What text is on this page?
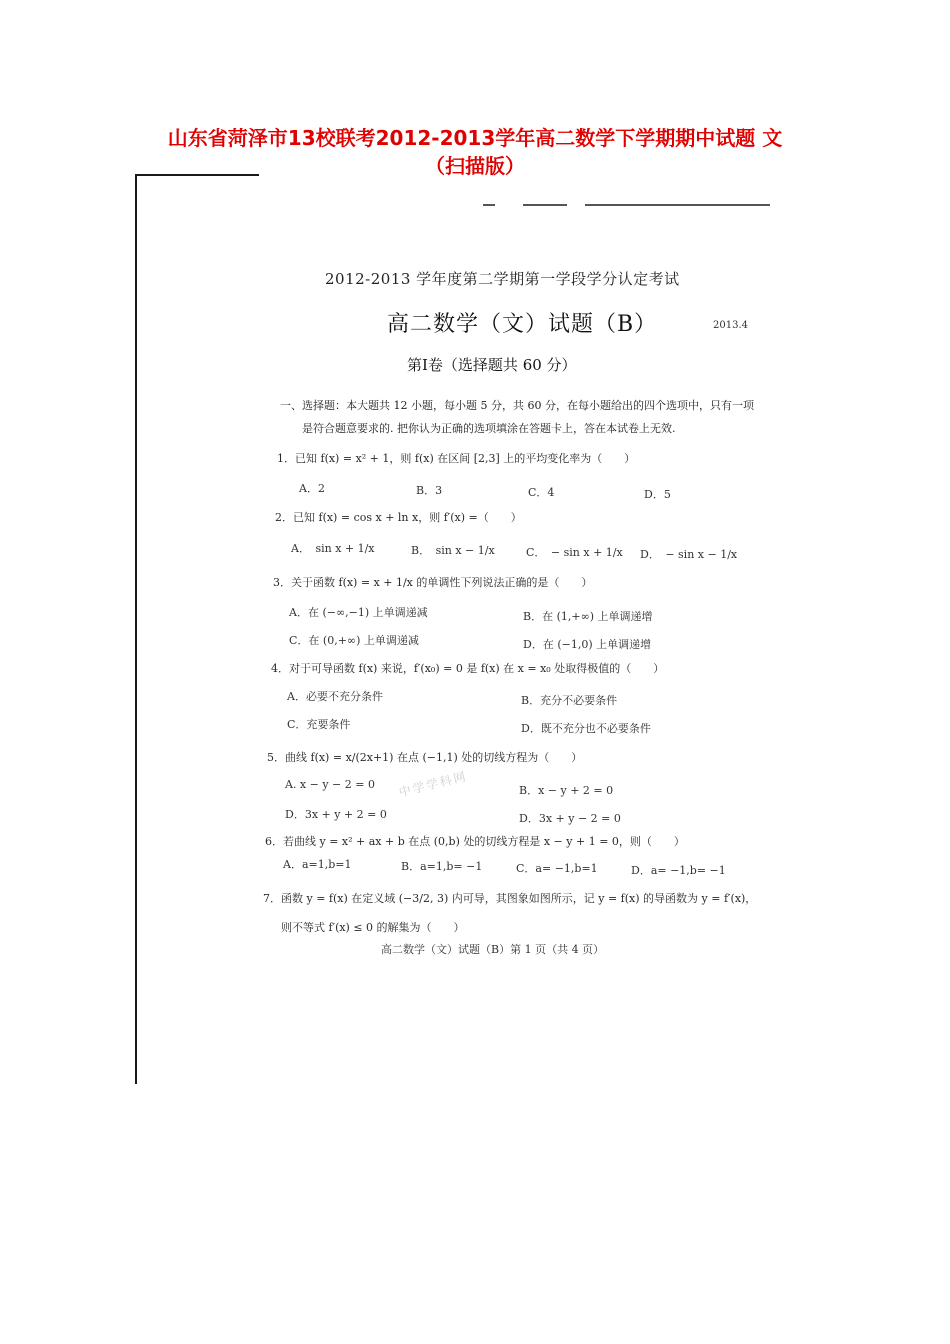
山东省菏泽市13校联考2012-2013学年高二数学下学期期中试题 文
（扫描版）
2012-2013 学年度第二学期第一学段学分认定考试
高二数学（文）试题（B）	2013.4
第Ⅰ卷（选择题共 60 分）
一、选择题：本大题共 12 小题，每小题 5 分，共 60 分，在每小题给出的四个选项中，只有一项
是符合题意要求的. 把你认为正确的选项填涂在答题卡上，答在本试卷上无效.
1．已知 f(x) = x² + 1，则 f(x) 在区间 [2,3] 上的平均变化率为（　　）
A．2	B．3	C．4	D．5
2．已知 f(x) = cos x + ln x，则 f′(x) =（　　）
A．　sin x + 1/x	B．　sin x − 1/x	C．　− sin x + 1/x D．　− sin x − 1/x
3．关于函数 f(x) = x + 1/x 的单调性下列说法正确的是（　　）
A．在 (−∞,−1) 上单调递减	B．在 (1,+∞) 上单调递增
C．在 (0,+∞) 上单调递减	D．在 (−1,0) 上单调递增
4．对于可导函数 f(x) 来说，f′(x₀) = 0 是 f(x) 在 x = x₀ 处取得极值的（　　）
A．必要不充分条件	B．充分不必要条件
C．充要条件	D．既不充分也不必要条件
5．曲线 f(x) = x/(2x+1) 在点 (−1,1) 处的切线方程为（　　）
中学学科网
A. x − y − 2 = 0	B．x − y + 2 = 0
D．3x + y + 2 = 0	D．3x + y − 2 = 0
6．若曲线 y = x² + ax + b 在点 (0,b) 处的切线方程是 x − y + 1 = 0，则（　　）
A．a=1,b=1	B．a=1,b= −1	C．a= −1,b=1	D．a= −1,b= −1
7．函数 y = f(x) 在定义域 (−3/2, 3) 内可导，其图象如图所示，记 y = f(x) 的导函数为 y = f′(x)，
则不等式 f′(x) ≤ 0 的解集为（　　）
高二数学（文）试题（B）第 1 页（共 4 页）
